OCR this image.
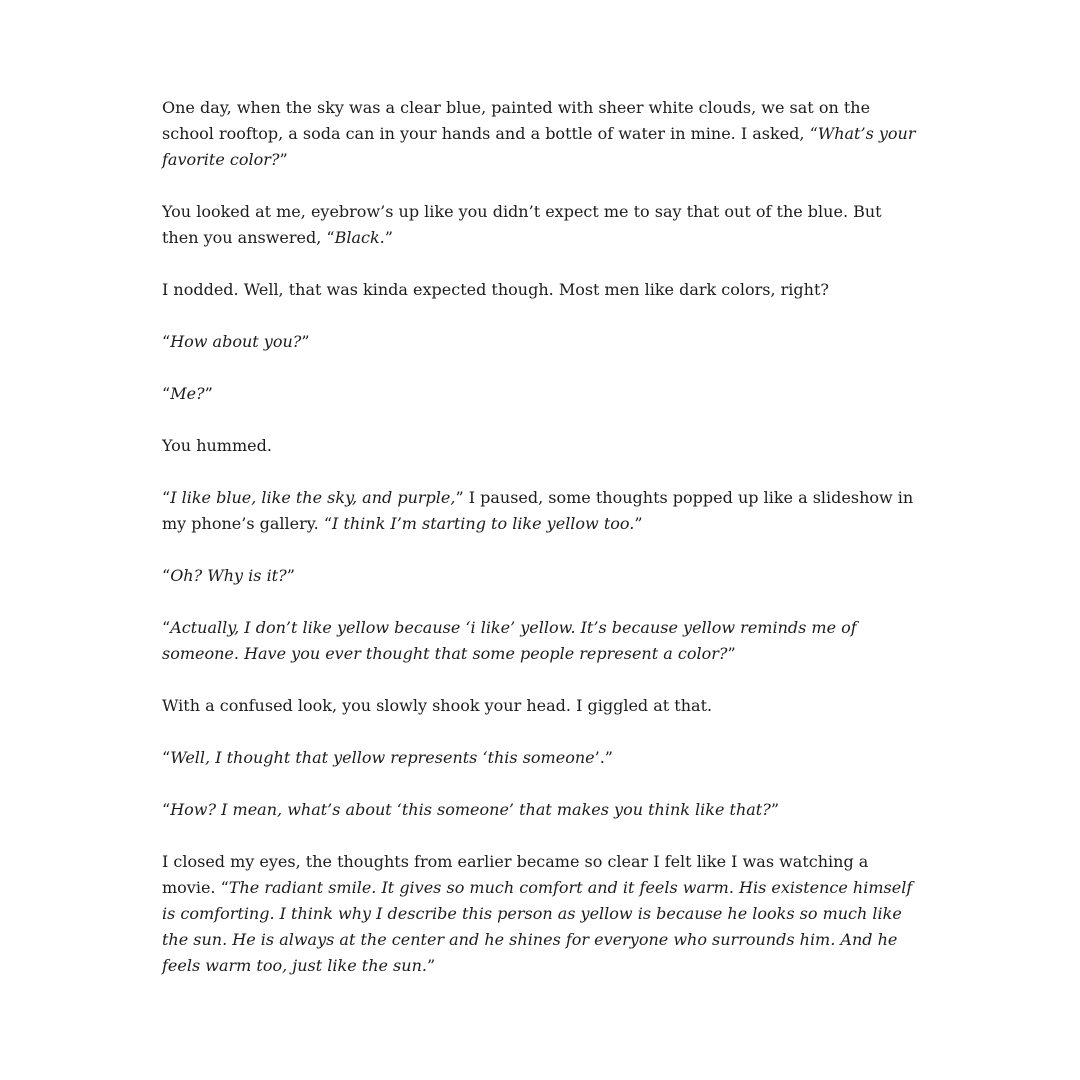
One day, when the sky was a clear blue, painted with sheer white clouds, we sat on the school rooftop, a soda can in your hands and a bottle of water in mine. I asked, “What’s your favorite color?”

You looked at me, eyebrow’s up like you didn’t expect me to say that out of the blue. But then you answered, “Black.”

I nodded. Well, that was kinda expected though. Most men like dark colors, right?

“How about you?”

“Me?”

You hummed.

“I like blue, like the sky, and purple,” I paused, some thoughts popped up like a slideshow in my phone’s gallery. “I think I’m starting to like yellow too.”

“Oh? Why is it?”

“Actually, I don’t like yellow because ‘i like’ yellow. It’s because yellow reminds me of someone. Have you ever thought that some people represent a color?”

With a confused look, you slowly shook your head. I giggled at that.

“Well, I thought that yellow represents ‘this someone’.”

“How? I mean, what’s about ‘this someone’ that makes you think like that?”

I closed my eyes, the thoughts from earlier became so clear I felt like I was watching a movie. “The radiant smile. It gives so much comfort and it feels warm. His existence himself is comforting. I think why I describe this person as yellow is because he looks so much like the sun. He is always at the center and he shines for everyone who surrounds him. And he feels warm too, just like the sun.”
